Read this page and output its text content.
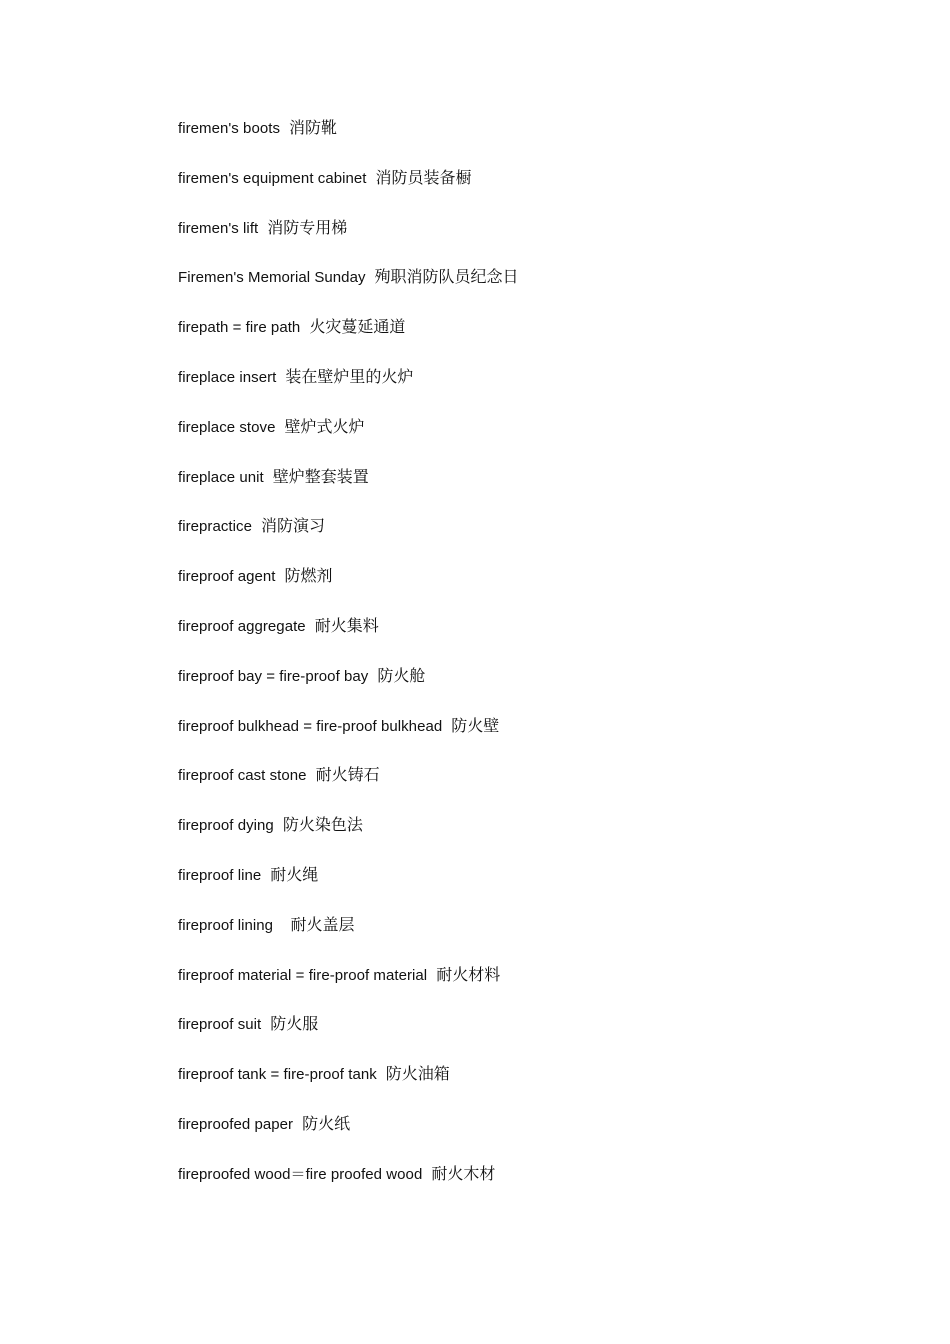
firemen's boots 消防靴
firemen's equipment cabinet 消防员装备橱
firemen's lift 消防专用梯
Firemen's Memorial Sunday 殉职消防队员纪念日
firepath = fire path 火灾蔓延通道
fireplace insert 装在壁炉里的火炉
fireplace stove 壁炉式火炉
fireplace unit 壁炉整套装置
firepractice 消防演习
fireproof agent 防燃剂
fireproof aggregate 耐火集料
fireproof bay = fire-proof bay 防火舱
fireproof bulkhead = fire-proof bulkhead 防火壁
fireproof cast stone 耐火铸石
fireproof dying 防火染色法
fireproof line 耐火绳
fireproof lining  耐火盖层
fireproof material = fire-proof material 耐火材料
fireproof suit 防火服
fireproof tank = fire-proof tank 防火油箱
fireproofed paper 防火纸
fireproofed wood＝fire proofed wood 耐火木材
